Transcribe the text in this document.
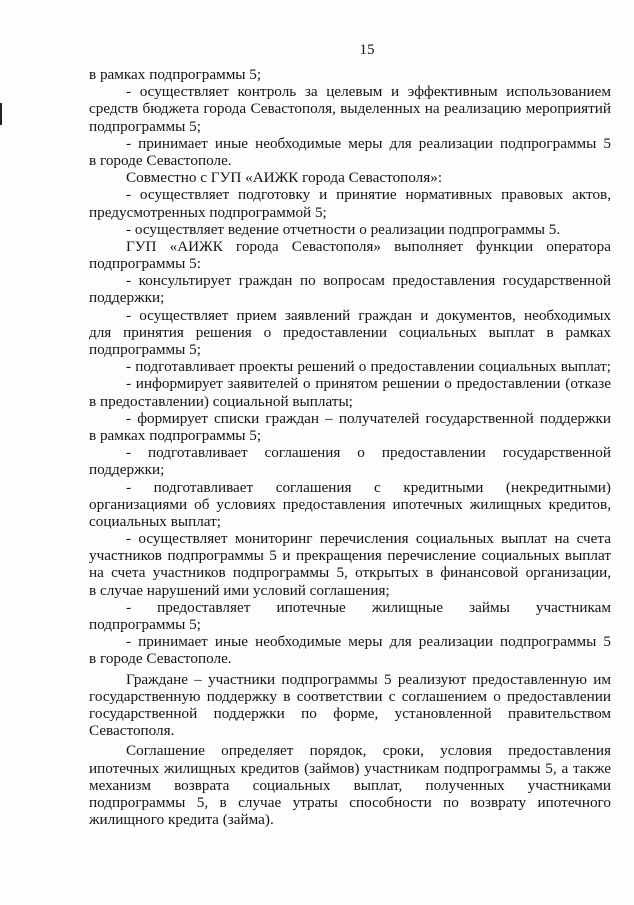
15
в рамках подпрограммы 5;
- осуществляет контроль за целевым и эффективным использованием
средств бюджета города Севастополя, выделенных на реализацию мероприятий
подпрограммы 5;
- принимает иные необходимые меры для реализации подпрограммы 5
в городе Севастополе.
Совместно с ГУП «АИЖК города Севастополя»:
- осуществляет подготовку и принятие нормативных правовых актов,
предусмотренных подпрограммой 5;
- осуществляет ведение отчетности о реализации подпрограммы 5.
ГУП «АИЖК города Севастополя» выполняет функции оператора
подпрограммы 5:
- консультирует граждан по вопросам предоставления государственной
поддержки;
- осуществляет прием заявлений граждан и документов, необходимых
для принятия решения о предоставлении социальных выплат в рамках
подпрограммы 5;
- подготавливает проекты решений о предоставлении социальных выплат;
- информирует заявителей о принятом решении о предоставлении (отказе
в предоставлении) социальной выплаты;
- формирует списки граждан – получателей государственной поддержки
в рамках подпрограммы 5;
- подготавливает соглашения о предоставлении государственной
поддержки;
- подготавливает соглашения с кредитными (некредитными)
организациями об условиях предоставления ипотечных жилищных кредитов,
социальных выплат;
- осуществляет мониторинг перечисления социальных выплат на счета
участников подпрограммы 5 и прекращения перечисление социальных выплат
на счета участников подпрограммы 5, открытых в финансовой организации,
в случае нарушений ими условий соглашения;
- предоставляет ипотечные жилищные займы участникам
подпрограммы 5;
- принимает иные необходимые меры для реализации подпрограммы 5
в городе Севастополе.
Граждане – участники подпрограммы 5 реализуют предоставленную им
государственную поддержку в соответствии с соглашением о предоставлении
государственной поддержки по форме, установленной правительством
Севастополя.
Соглашение определяет порядок, сроки, условия предоставления
ипотечных жилищных кредитов (займов) участникам подпрограммы 5, а также
механизм возврата социальных выплат, полученных участниками
подпрограммы 5, в случае утраты способности по возврату ипотечного
жилищного кредита (займа).
